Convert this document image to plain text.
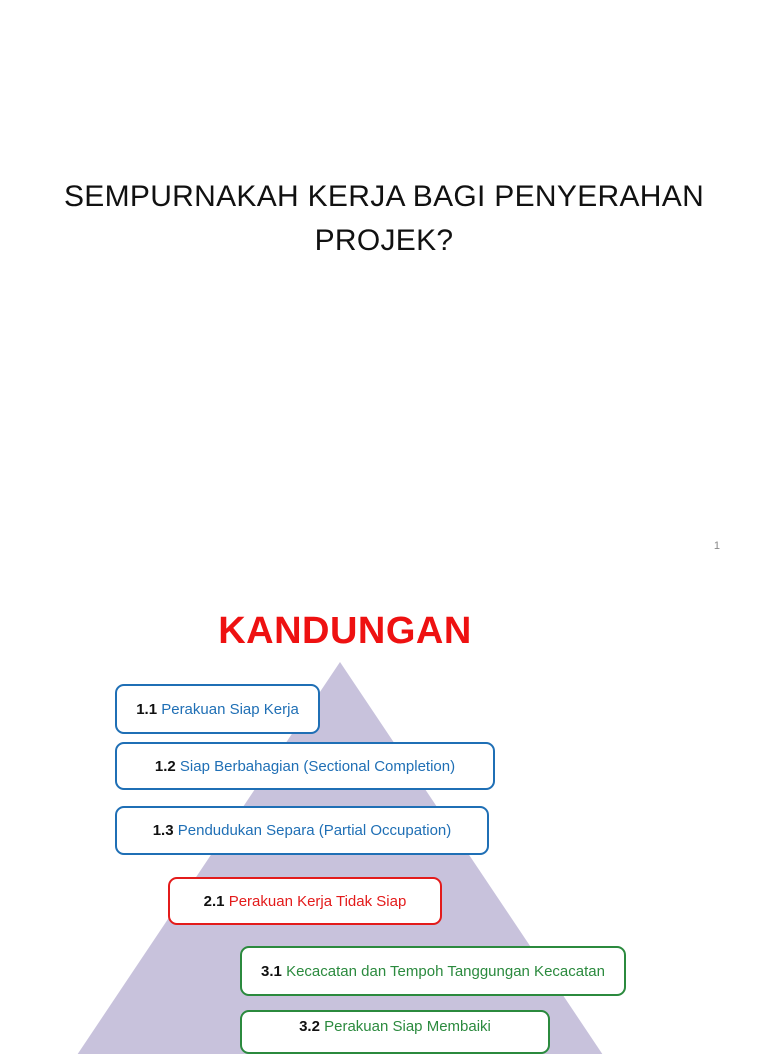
SEMPURNAKAH KERJA BAGI PENYERAHAN
PROJEK?
1
KANDUNGAN
1.1 Perakuan Siap Kerja
1.2 Siap Berbahagian (Sectional Completion)
1.3 Pendudukan Separa (Partial Occupation)
2.1 Perakuan Kerja Tidak Siap
3.1 Kecacatan dan Tempoh Tanggungan Kecacatan
3.2 Perakuan Siap Membaiki
